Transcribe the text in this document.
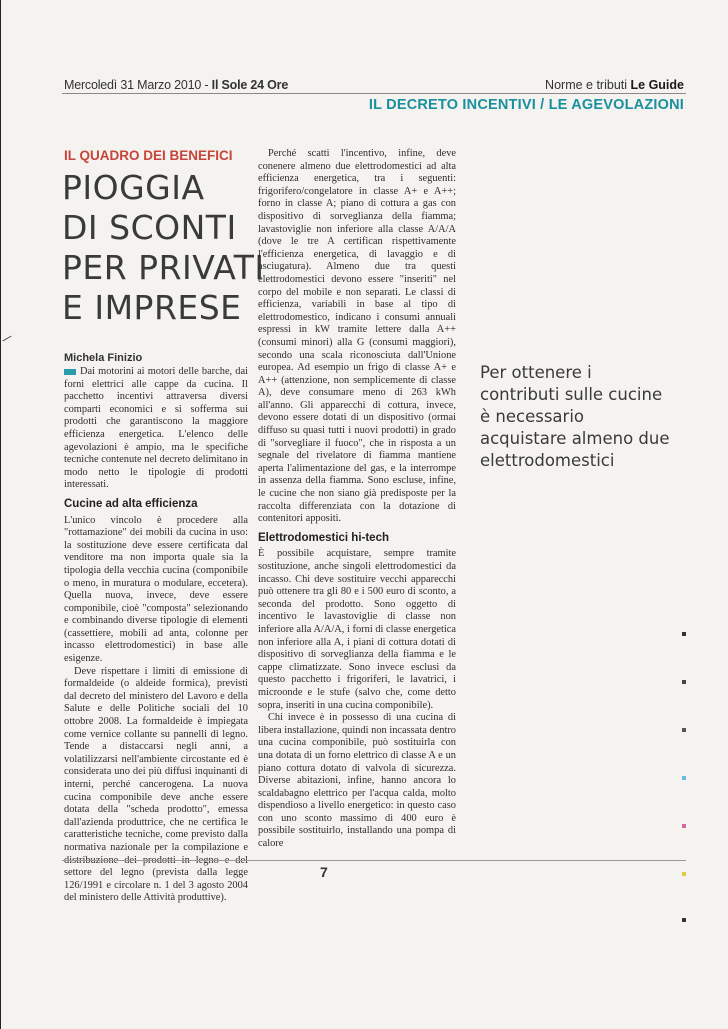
Mercoledì 31 Marzo 2010 - Il Sole 24 Ore	Norme e tributi Le Guide
IL DECRETO INCENTIVI / LE AGEVOLAZIONI
IL QUADRO DEI BENEFICI
PIOGGIA
DI SCONTI
PER PRIVATI
E IMPRESE
Michela Finizio

Dai motorini ai motori delle barche, dai forni elettrici alle cappe da cucina. Il pacchetto incentivi attraversa diversi comparti economici e si sofferma sui prodotti che garantiscono la maggiore efficienza energetica. L'elenco delle agevolazioni è ampio, ma le specifiche tecniche contenute nel decreto delimitano in modo netto le tipologie di prodotti interessati.

Cucine ad alta efficienza

L'unico vincolo è procedere alla "rottamazione" dei mobili da cucina in uso: la sostituzione deve essere certificata dal venditore ma non importa quale sia la tipologia della vecchia cucina (componibile o meno, in muratura o modulare, eccetera). Quella nuova, invece, deve essere componibile, cioè "composta" selezionando e combinando diverse tipologie di elementi (cassettiere, mobili ad anta, colonne per incasso elettrodomestici) in base alle esigenze.

Deve rispettare i limiti di emissione di formaldeide (o aldeide formica), previsti dal decreto del ministero del Lavoro e della Salute e delle Politiche sociali del 10 ottobre 2008. La formaldeide è impiegata come vernice collante su pannelli di legno. Tende a distaccarsi negli anni, a volatilizzarsi nell'ambiente circostante ed è considerata uno dei più diffusi inquinanti di interni, perché cancerogena. La nuova cucina componibile deve anche essere dotata della "scheda prodotto", emessa dall'azienda produttrice, che ne certifica le caratteristiche tecniche, come previsto dalla normativa nazionale per la compilazione e distribuzione dei prodotti in legno e del settore del legno (prevista dalla legge 126/1991 e circolare n. 1 del 3 agosto 2004 del ministero delle Attività produttive).

Perché scatti l'incentivo, infine, deve conenere almeno due elettrodomestici ad alta efficienza energetica, tra i seguenti: frigorifero/congelatore in classe A+ e A++; forno in classe A; piano di cottura a gas con dispositivo di sorveglianza della fiamma; lavastoviglie non inferiore alla classe A/A/A (dove le tre A certifican rispettivamente l'efficienza energetica, di lavaggio e di asciugatura). Almeno due tra questi elettrodomestici devono essere "inseriti" nel corpo del mobile e non separati. Le classi di efficienza, variabili in base al tipo di elettrodomestico, indicano i consumi annuali espressi in kW tramite lettere dalla A++ (consumi minori) alla G (consumi maggiori), secondo una scala riconosciuta dall'Unione europea. Ad esempio un frigo di classe A+ e A++ (attenzione, non semplicemente di classe A), deve consumare meno di 263 kWh all'anno. Gli apparecchi di cottura, invece, devono essere dotati di un dispositivo (ormai diffuso su quasi tutti i nuovi prodotti) in grado di "sorvegliare il fuoco", che in risposta a un segnale del rivelatore di fiamma mantiene aperta l'alimentazione del gas, e la interrompe in assenza della fiamma. Sono escluse, infine, le cucine che non siano già predisposte per la raccolta differenziata con la dotazione di contenitori appositi.

Elettrodomestici hi-tech

È possibile acquistare, sempre tramite sostituzione, anche singoli elettrodomestici da incasso. Chi deve sostituire vecchi apparecchi può ottenere tra gli 80 e i 500 euro di sconto, a seconda del prodotto. Sono oggetto di incentivo le lavastoviglie di classe non inferiore alla A/A/A, i forni di classe energetica non inferiore alla A, i piani di cottura dotati di dispositivo di sorveglianza della fiamma e le cappe climatizzate. Sono invece esclusi da questo pacchetto i frigoriferi, le lavatrici, i microonde e le stufe (salvo che, come detto sopra, inseriti in una cucina componibile).

Chi invece è in possesso di una cucina di libera installazione, quindi non incassata dentro una cucina componibile, può sostituirla con una dotata di un forno elettrico di classe A e un piano cottura dotato di valvola di sicurezza. Diverse abitazioni, infine, hanno ancora lo scaldabagno elettrico per l'acqua calda, molto dispendioso a livello energetico: in questo caso con uno sconto massimo di 400 euro è possibile sostituirlo, installando una pompa di calore

Per ottenere i contributi sulle cucine è necessario acquistare almeno due elettrodomestici
7
